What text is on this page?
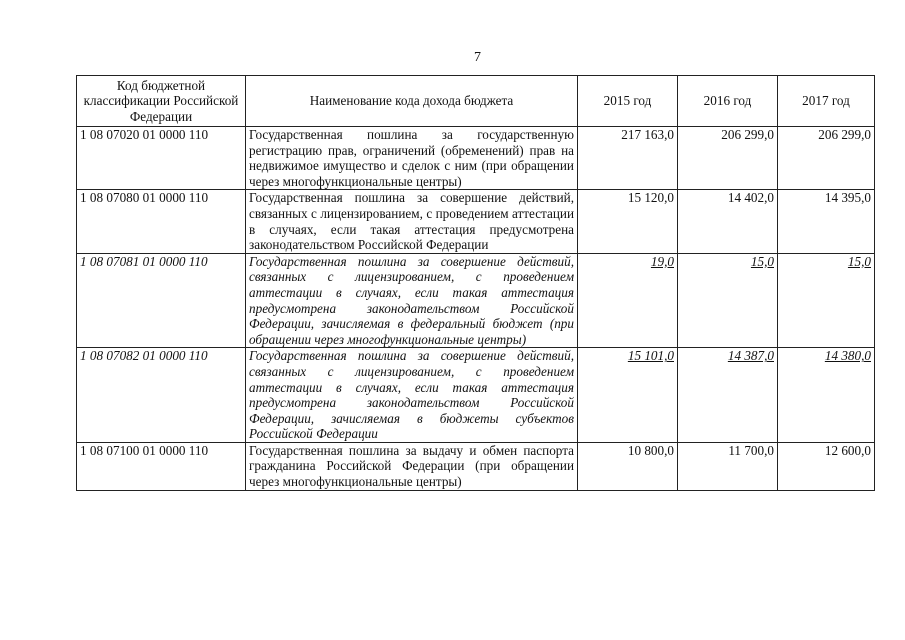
7
Код бюджетной классификации Российской Федерации	Наименование кода дохода бюджета	2015 год	2016 год	2017 год
1 08 07020 01 0000 110	Государственная пошлина за государственную регистрацию прав, ограничений (обременений) прав на недвижимое имущество и сделок с ним (при обращении через многофункциональные центры)	217 163,0	206 299,0	206 299,0
1 08 07080 01 0000 110	Государственная пошлина за совершение действий, связанных с лицензированием, с проведением аттестации в случаях, если такая аттестация предусмотрена законодательством Российской Федерации	15 120,0	14 402,0	14 395,0
1 08 07081 01 0000 110	Государственная пошлина за совершение действий, связанных с лицензированием, с проведением аттестации в случаях, если такая аттестация предусмотрена законодательством Российской Федерации, зачисляемая в федеральный бюджет (при обращении через многофункциональные центры)	19,0	15,0	15,0
1 08 07082 01 0000 110	Государственная пошлина за совершение действий, связанных с лицензированием, с проведением аттестации в случаях, если такая аттестация предусмотрена законодательством Российской Федерации, зачисляемая в бюджеты субъектов Российской Федерации	15 101,0	14 387,0	14 380,0
1 08 07100 01 0000 110	Государственная пошлина за выдачу и обмен паспорта гражданина Российской Федерации (при обращении через многофункциональные центры)	10 800,0	11 700,0	12 600,0
